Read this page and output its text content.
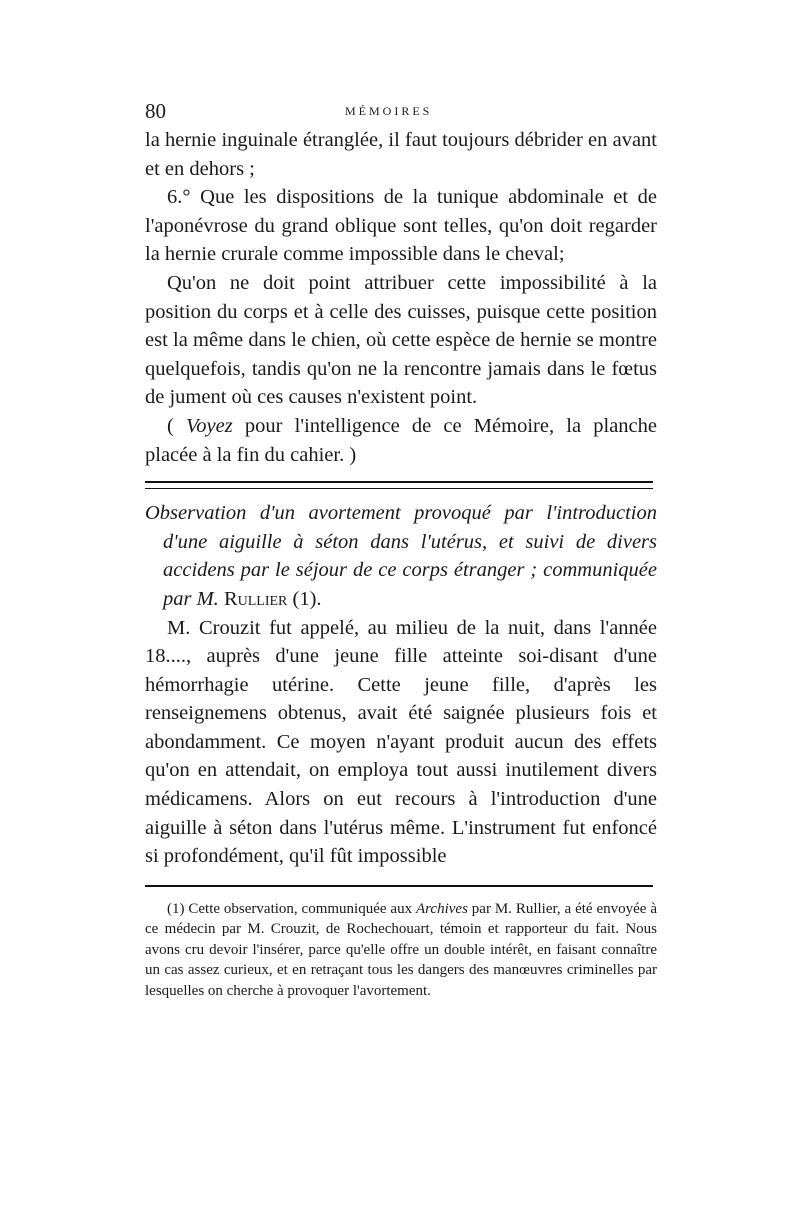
80	MÉMOIRES

la hernie inguinale étranglée, il faut toujours débrider en avant et en dehors ;

6.° Que les dispositions de la tunique abdominale et de l'aponévrose du grand oblique sont telles, qu'on doit regarder la hernie crurale comme impossible dans le cheval;

Qu'on ne doit point attribuer cette impossibilité à la position du corps et à celle des cuisses, puisque cette position est la même dans le chien, où cette espèce de hernie se montre quelquefois, tandis qu'on ne la rencontre jamais dans le fœtus de jument où ces causes n'existent point.

( Voyez pour l'intelligence de ce Mémoire, la planche placée à la fin du cahier. )

Observation d'un avortement provoqué par l'introduction d'une aiguille à séton dans l'utérus, et suivi de divers accidens par le séjour de ce corps étranger ; communiquée par M. Rullier (1).

M. Crouzit fut appelé, au milieu de la nuit, dans l'année 18...., auprès d'une jeune fille atteinte soi-disant d'une hémorrhagie utérine. Cette jeune fille, d'après les renseignemens obtenus, avait été saignée plusieurs fois et abondamment. Ce moyen n'ayant produit aucun des effets qu'on en attendait, on employa tout aussi inutilement divers médicamens. Alors on eut recours à l'introduction d'une aiguille à séton dans l'utérus même. L'instrument fut enfoncé si profondément, qu'il fût impossible

(1) Cette observation, communiquée aux Archives par M. Rullier, a été envoyée à ce médecin par M. Crouzit, de Rochechouart, témoin et rapporteur du fait. Nous avons cru devoir l'insérer, parce qu'elle offre un double intérêt, en faisant connaître un cas assez curieux, et en retraçant tous les dangers des manœuvres criminelles par lesquelles on cherche à provoquer l'avortement.
